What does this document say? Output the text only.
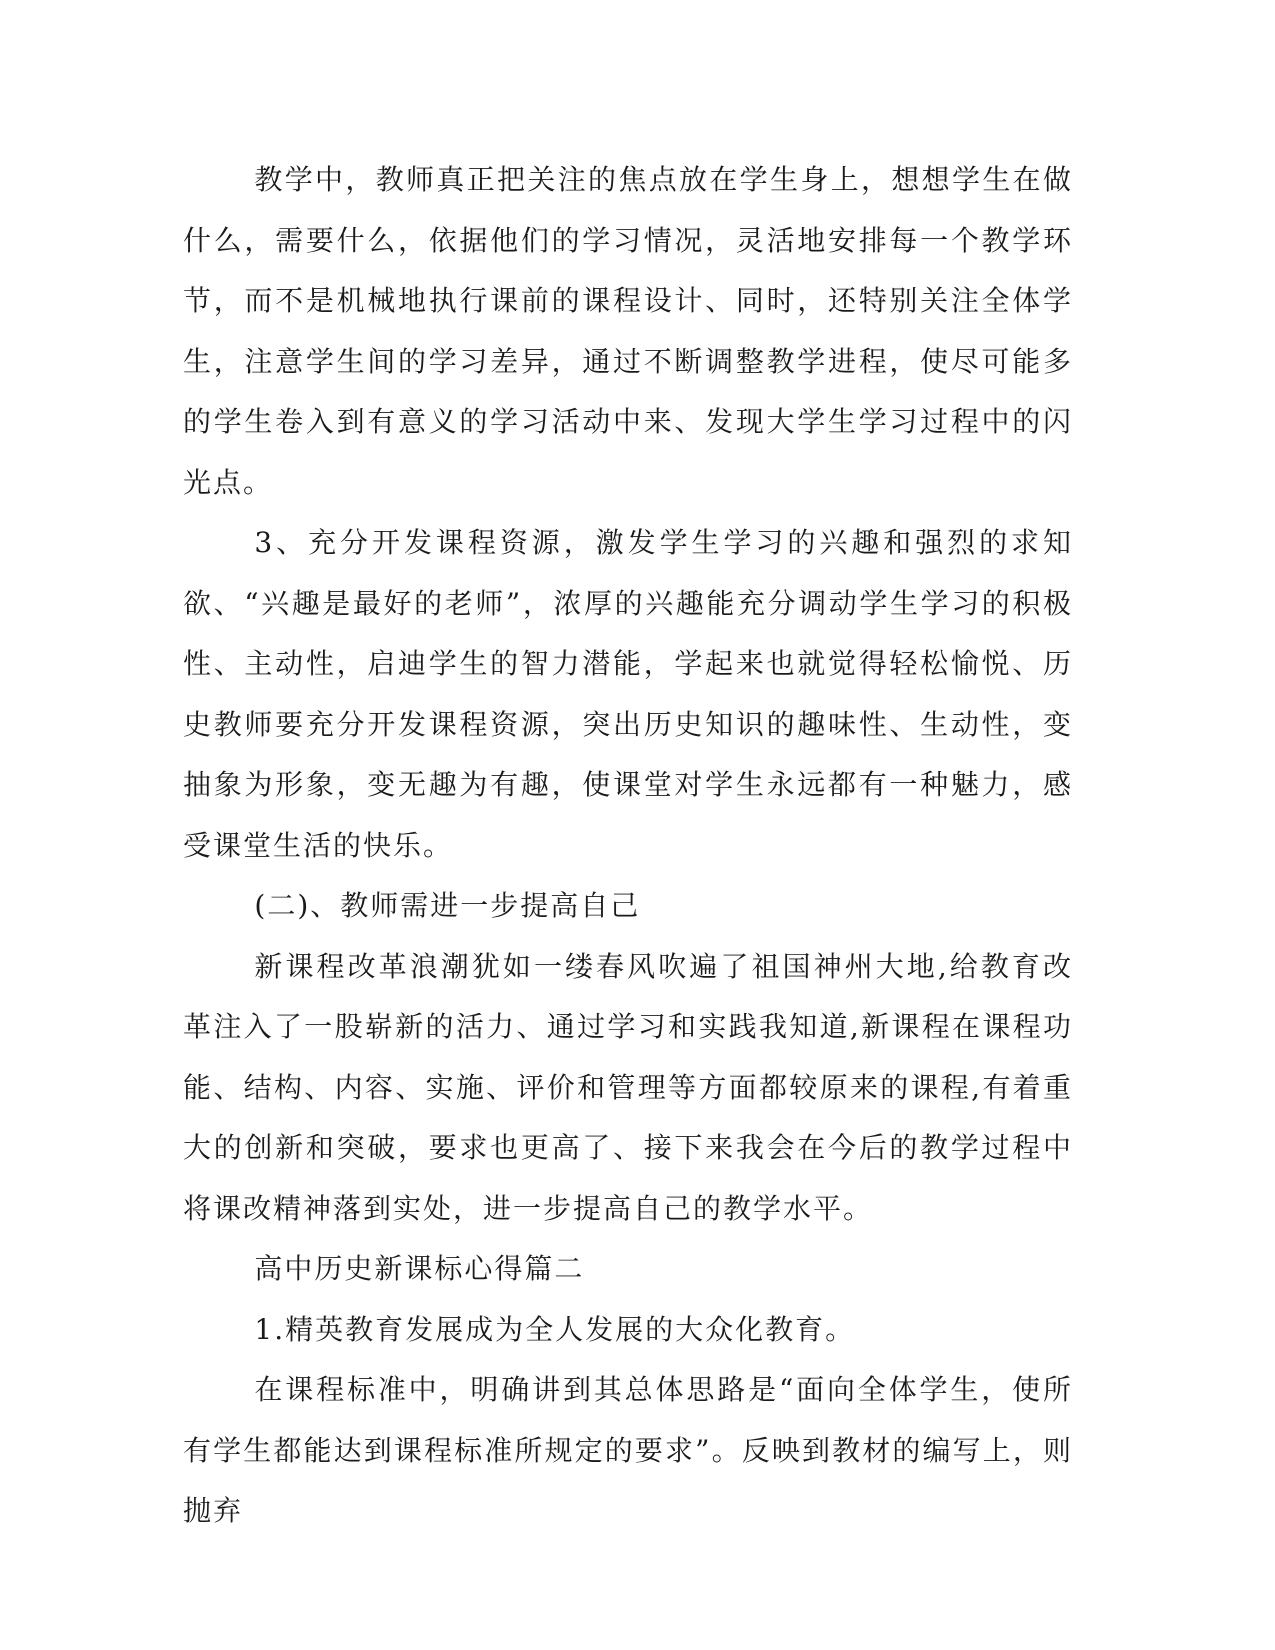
教学中，教师真正把关注的焦点放在学生身上，想想学生在做什么，需要什么，依据他们的学习情况，灵活地安排每一个教学环节，而不是机械地执行课前的课程设计、同时，还特别关注全体学生，注意学生间的学习差异，通过不断调整教学进程，使尽可能多的学生卷入到有意义的学习活动中来、发现大学生学习过程中的闪光点。

3、充分开发课程资源，激发学生学习的兴趣和强烈的求知欲、“兴趣是最好的老师”，浓厚的兴趣能充分调动学生学习的积极性、主动性，启迪学生的智力潜能，学起来也就觉得轻松愉悦、历史教师要充分开发课程资源，突出历史知识的趣味性、生动性，变抽象为形象，变无趣为有趣，使课堂对学生永远都有一种魅力，感受课堂生活的快乐。

(二)、教师需进一步提高自己

新课程改革浪潮犹如一缕春风吹遍了祖国神州大地,给教育改革注入了一股崭新的活力、通过学习和实践我知道,新课程在课程功能、结构、内容、实施、评价和管理等方面都较原来的课程,有着重大的创新和突破，要求也更高了、接下来我会在今后的教学过程中将课改精神落到实处，进一步提高自己的教学水平。

高中历史新课标心得篇二

1.精英教育发展成为全人发展的大众化教育。

在课程标准中，明确讲到其总体思路是“面向全体学生，使所有学生都能达到课程标准所规定的要求”。反映到教材的编写上，则抛弃
